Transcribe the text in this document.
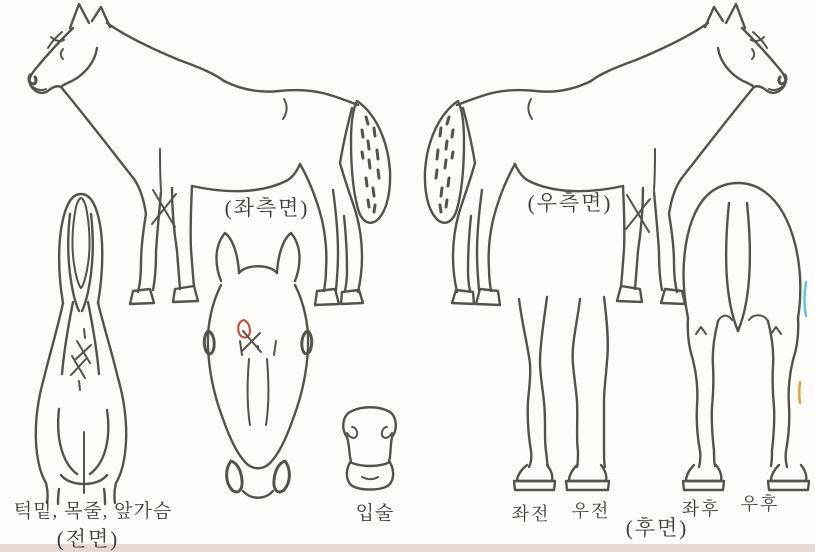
(좌측면)	(우측면)
턱밑, 목줄, 앞가슴
(전면)
입술	좌전 우전
(후면)
좌후 우후
